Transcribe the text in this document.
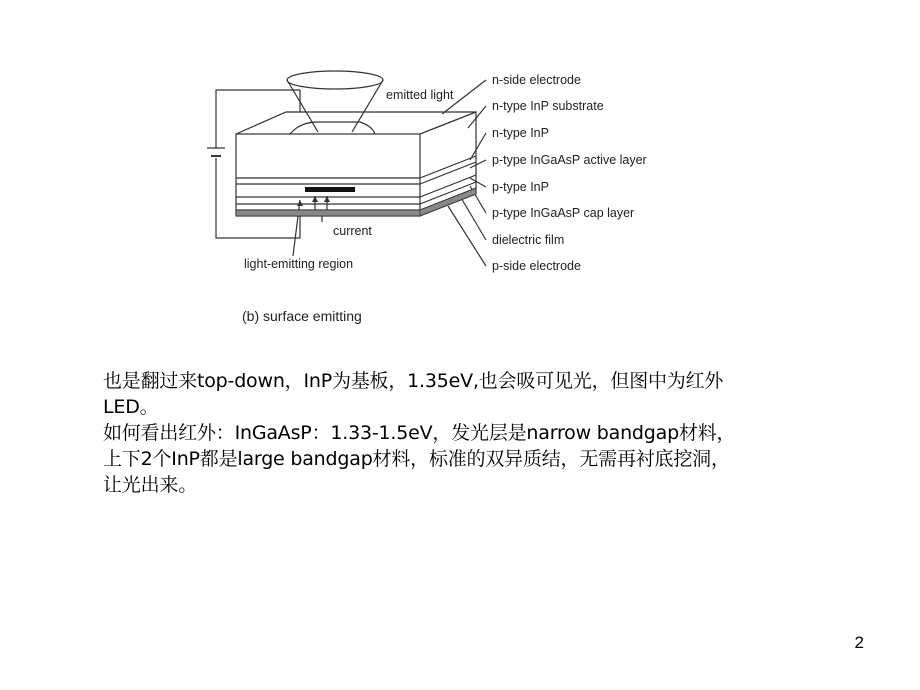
emitted light
current
light-emitting region
n-side electrode
n-type InP substrate
n-type InP
p-type InGaAsP active layer
p-type InP
p-type InGaAsP cap layer
dielectric film
p-side electrode
(b) surface emitting
也是翻过来top-down，InP为基板，1.35eV,也会吸可见光，但图中为红外
LED。
如何看出红外：InGaAsP：1.33-1.5eV，发光层是narrow bandgap材料，
上下2个InP都是large bandgap材料，标准的双异质结，无需再衬底挖洞，
让光出来。
2
